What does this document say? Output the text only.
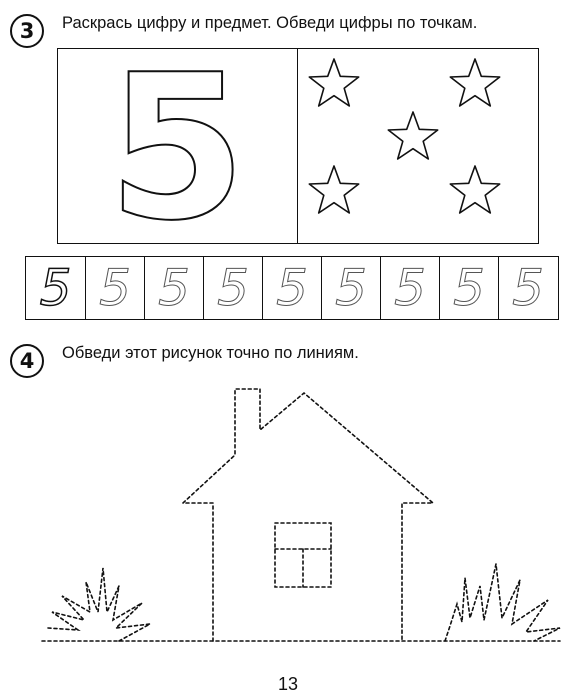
3 Раскрась цифру и предмет. Обведи цифры по точкам.
5
5 5 5 5 5 5 5 5 5
4 Обведи этот рисунок точно по линиям.
13
